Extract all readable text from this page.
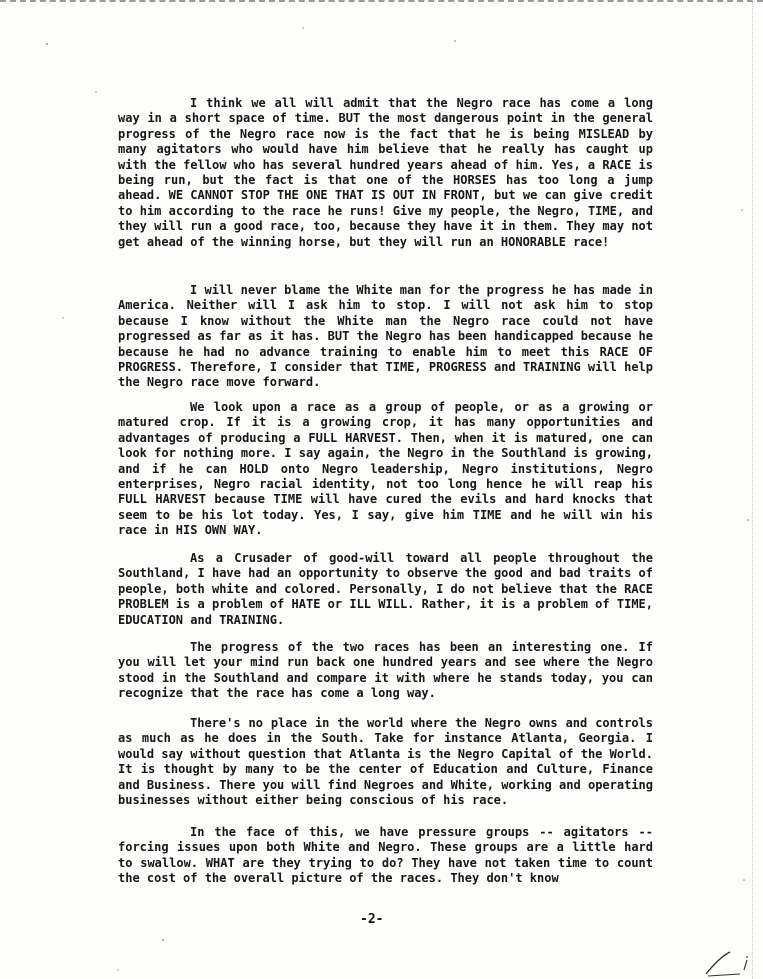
I think we all will admit that the Negro race has come a long way in a short space of time. BUT the most dangerous point in the general progress of the Negro race now is the fact that he is being MISLEAD by many agitators who would have him believe that he really has caught up with the fellow who has several hundred years ahead of him. Yes, a RACE is being run, but the fact is that one of the HORSES has too long a jump ahead. WE CANNOT STOP THE ONE THAT IS OUT IN FRONT, but we can give credit to him according to the race he runs! Give my people, the Negro, TIME, and they will run a good race, too, because they have it in them. They may not get ahead of the winning horse, but they will run an HONORABLE race!

I will never blame the White man for the progress he has made in America. Neither will I ask him to stop. I will not ask him to stop because I know without the White man the Negro race could not have progressed as far as it has. BUT the Negro has been handicapped because he because he had no advance training to enable him to meet this RACE OF PROGRESS. Therefore, I consider that TIME, PROGRESS and TRAINING will help the Negro race move forward.

We look upon a race as a group of people, or as a growing or matured crop. If it is a growing crop, it has many opportunities and advantages of producing a FULL HARVEST. Then, when it is matured, one can look for nothing more. I say again, the Negro in the Southland is growing, and if he can HOLD onto Negro leadership, Negro institutions, Negro enterprises, Negro racial identity, not too long hence he will reap his FULL HARVEST because TIME will have cured the evils and hard knocks that seem to be his lot today. Yes, I say, give him TIME and he will win his race in HIS OWN WAY.

As a Crusader of good-will toward all people throughout the Southland, I have had an opportunity to observe the good and bad traits of people, both white and colored. Personally, I do not believe that the RACE PROBLEM is a problem of HATE or ILL WILL. Rather, it is a problem of TIME, EDUCATION and TRAINING.

The progress of the two races has been an interesting one. If you will let your mind run back one hundred years and see where the Negro stood in the Southland and compare it with where he stands today, you can recognize that the race has come a long way.

There's no place in the world where the Negro owns and controls as much as he does in the South. Take for instance Atlanta, Georgia. I would say without question that Atlanta is the Negro Capital of the World. It is thought by many to be the center of Education and Culture, Finance and Business. There you will find Negroes and White, working and operating businesses without either being conscious of his race.

In the face of this, we have pressure groups -- agitators -- forcing issues upon both White and Negro. These groups are a little hard to swallow. WHAT are they trying to do? They have not taken time to count the cost of the overall picture of the races. They don't know

-2-
